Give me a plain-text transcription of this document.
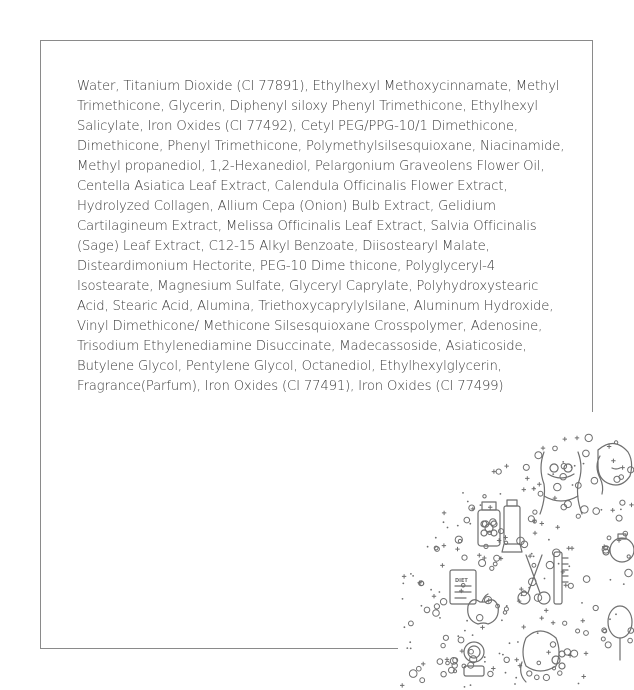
Water, Titanium Dioxide (CI 77891), Ethylhexyl Methoxycinnamate, Methyl Trimethicone, Glycerin, Diphenyl siloxy Phenyl Trimethicone, Ethylhexyl Salicylate, Iron Oxides (CI 77492), Cetyl PEG/PPG-10/1 Dimethicone, Dimethicone, Phenyl Trimethicone, Polymethylsilsesquioxane, Niacinamide, Methyl propanediol, 1,2-Hexanediol, Pelargonium Graveolens Flower Oil, Centella Asiatica Leaf Extract, Calendula Officinalis Flower Extract, Hydrolyzed Collagen, Allium Cepa (Onion) Bulb Extract, Gelidium Cartilagineum Extract, Melissa Officinalis Leaf Extract, Salvia Officinalis (Sage) Leaf Extract, C12-15 Alkyl Benzoate, Diisostearyl Malate, Disteardimonium Hectorite, PEG-10 Dime thicone, Polyglyceryl-4 Isostearate, Magnesium Sulfate, Glyceryl Caprylate, Polyhydroxystearic Acid, Stearic Acid, Alumina, Triethoxycaprylylsilane, Aluminum Hydroxide, Vinyl Dimethicone/ Methicone Silsesquioxane Crosspolymer, Adenosine, Trisodium Ethylenediamine Disuccinate, Madecassoside, Asiaticoside, Butylene Glycol, Pentylene Glycol, Octanediol, Ethylhexylglycerin, Fragrance(Parfum), Iron Oxides (CI 77491), Iron Oxides (CI 77499)

DIET
